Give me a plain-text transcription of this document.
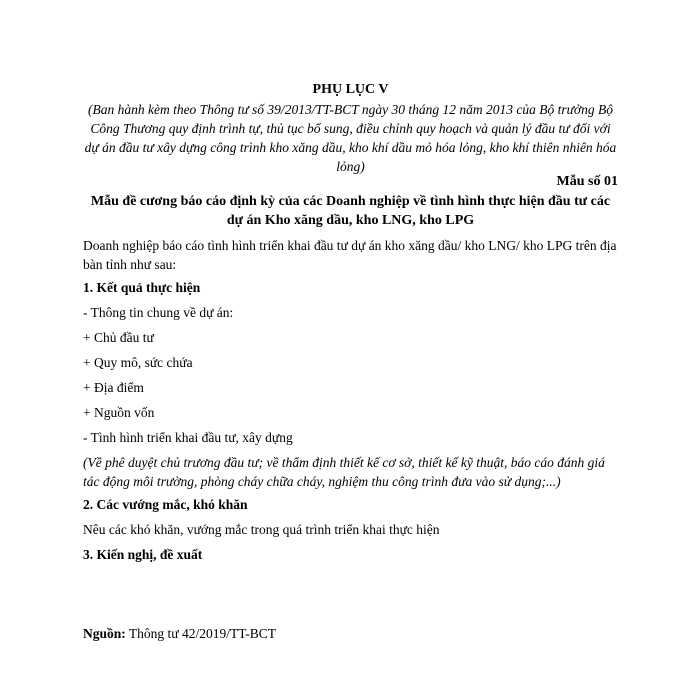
PHỤ LỤC V
(Ban hành kèm theo Thông tư số 39/2013/TT-BCT ngày 30 tháng 12 năm 2013 của Bộ trưởng Bộ Công Thương quy định trình tự, thủ tục bổ sung, điều chỉnh quy hoạch và quản lý đầu tư đối với dự án đầu tư xây dựng công trình kho xăng dầu, kho khí dầu mỏ hóa lỏng, kho khí thiên nhiên hóa lỏng)
Mẫu số 01
Mẫu đề cương báo cáo định kỳ của các Doanh nghiệp về tình hình thực hiện đầu tư các dự án Kho xăng dầu, kho LNG, kho LPG
Doanh nghiệp báo cáo tình hình triển khai đầu tư dự án kho xăng dầu/ kho LNG/ kho LPG trên địa bàn tỉnh như sau:
1. Kết quả thực hiện
- Thông tin chung về dự án:
+ Chủ đầu tư
+ Quy mô, sức chứa
+ Địa điểm
+ Nguồn vốn
- Tình hình triển khai đầu tư, xây dựng
(Về phê duyệt chủ trương đầu tư; về thẩm định thiết kế cơ sở, thiết kế kỹ thuật, báo cáo đánh giá tác động môi trường, phòng cháy chữa cháy, nghiệm thu công trình đưa vào sử dụng;...)
2. Các vướng mắc, khó khăn
Nêu các khó khăn, vướng mắc trong quá trình triển khai thực hiện
3. Kiến nghị, đề xuất
Nguồn: Thông tư 42/2019/TT-BCT
